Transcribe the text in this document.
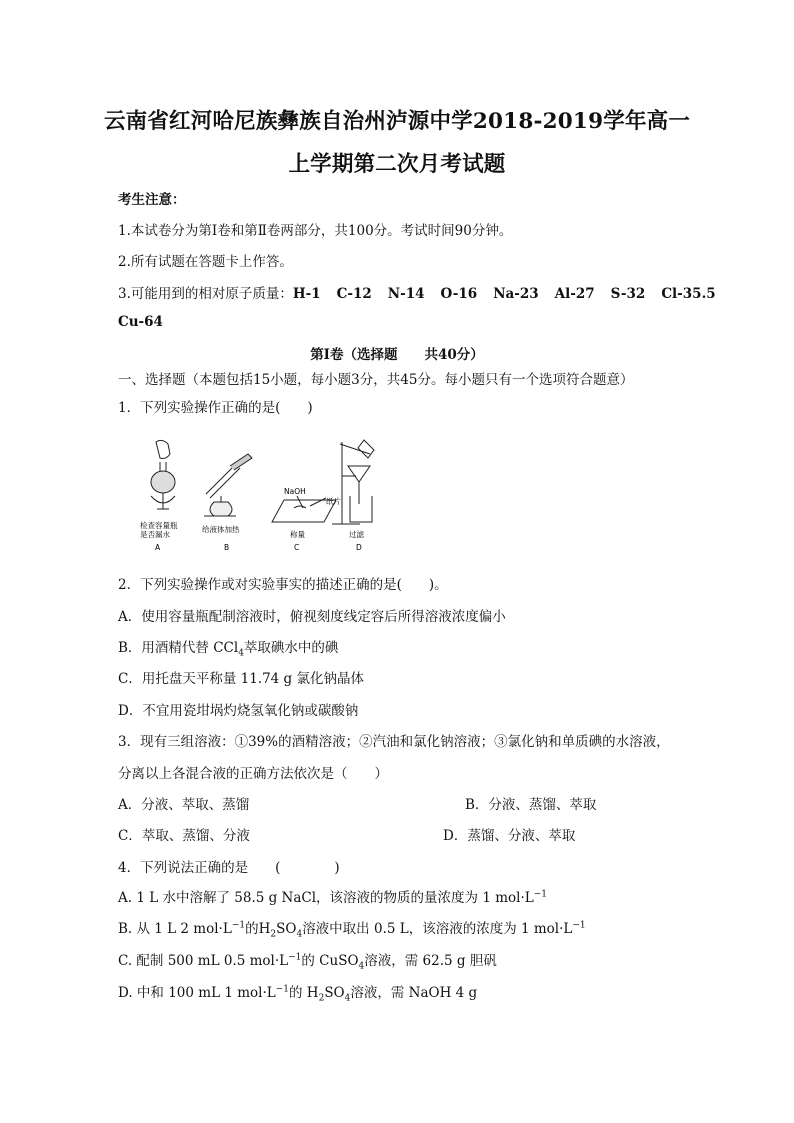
云南省红河哈尼族彝族自治州泸源中学2018-2019学年高一
上学期第二次月考试题
考生注意：
1.本试卷分为第Ⅰ卷和第Ⅱ卷两部分，共100分。考试时间90分钟。
2.所有试题在答题卡上作答。
3.可能用到的相对原子质量：H-1 C-12 N-14 O-16 Na-23 Al-27 S-32 Cl-35.5
Cu-64
第Ⅰ卷（选择题　　共40分）
一、选择题（本题包括15小题，每小题3分，共45分。每小题只有一个选项符合题意）
1．下列实验操作正确的是(　　)
检查容量瓶
是否漏水
A
给液体加热
B
NaOH
纸片
称量
C
过滤
D
2．下列实验操作或对实验事实的描述正确的是(　　)。
A．使用容量瓶配制溶液时，俯视刻度线定容后所得溶液浓度偏小
B．用酒精代替 CCl$_4$萃取碘水中的碘
C．用托盘天平称量 11.74 g 氯化钠晶体
D．不宜用瓷坩埚灼烧氢氧化钠或碳酸钠
3．现有三组溶液：①39%的酒精溶液；②汽油和氯化钠溶液；③氯化钠和单质碘的水溶液，
分离以上各混合液的正确方法依次是（　　）
A．分液、萃取、蒸馏	B．分液、蒸馏、萃取
C．萃取、蒸馏、分液	D．蒸馏、分液、萃取
4．下列说法正确的是　　(　　　　)
A. 1 L 水中溶解了 58.5 g NaCl，该溶液的物质的量浓度为 1 $mol\cdot L^{-1}$
B. 从 1 L 2 $mol\cdot L^{-1}$的$H_2SO_4$溶液中取出 0.5 L，该溶液的浓度为 1 $mol\cdot L^{-1}$
C. 配制 500 mL 0.5 $mol\cdot L^{-1}$的 CuSO$_4$溶液，需 62.5 g 胆矾
D. 中和 100 mL 1 $mol\cdot L^{-1}$的 $H_2SO_4$溶液，需 NaOH 4 g
